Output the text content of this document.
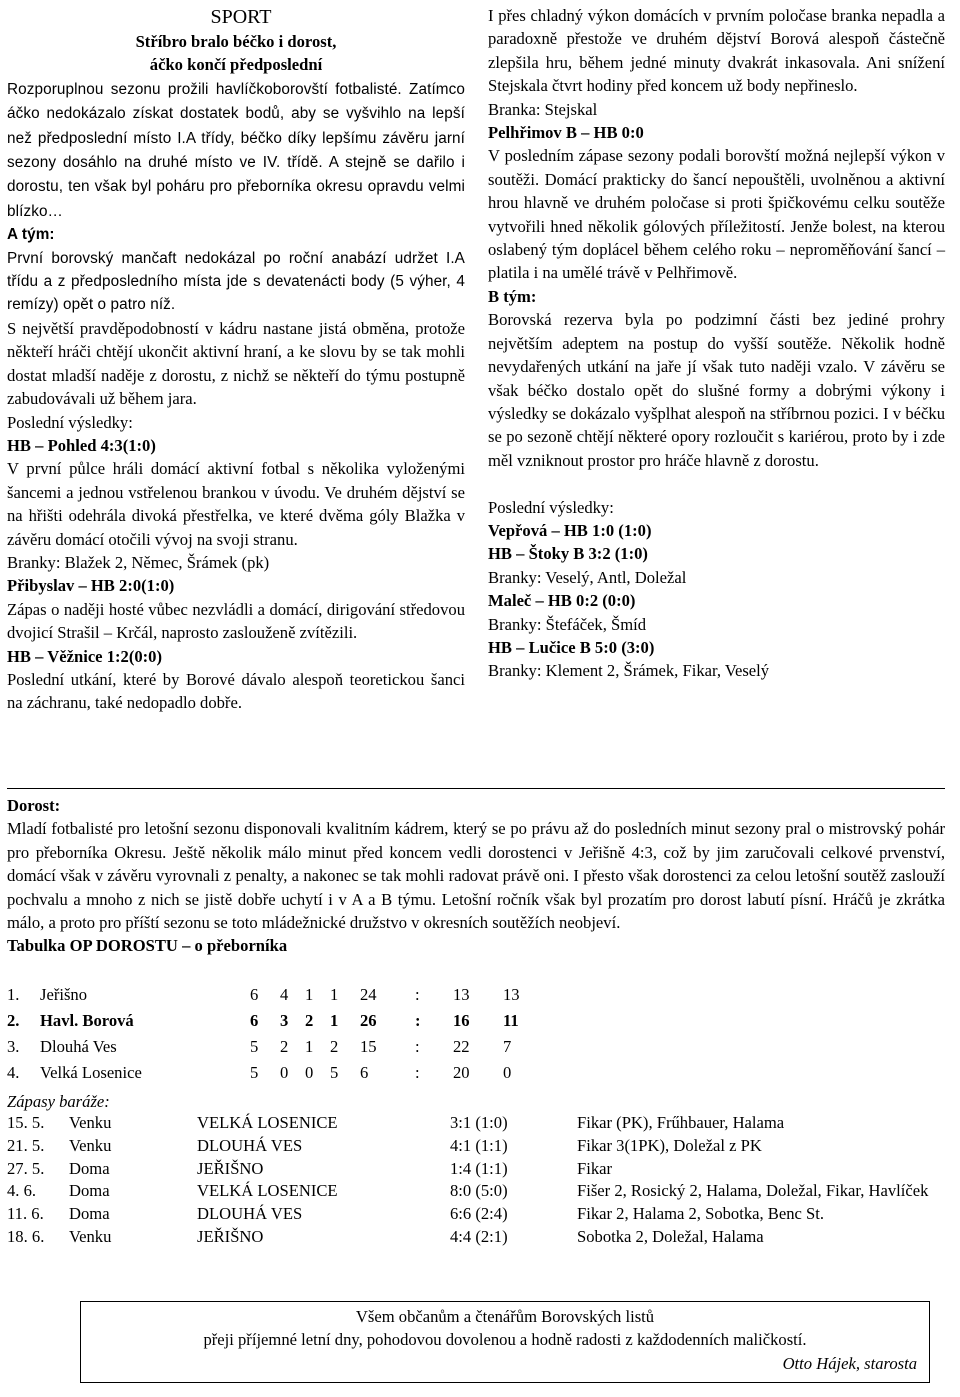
SPORT
Stříbro bralo béčko i dorost,
áčko končí předposlední

Rozporuplnou sezonu prožili havlíčkoborovští fotbalisté. Zatímco áčko nedokázalo získat dostatek bodů, aby se vyšvihlo na lepší než předposlední místo I.A třídy, béčko díky lepšímu závěru jarní sezony dosáhlo na druhé místo ve IV. třídě. A stejně se dařilo i dorostu, ten však byl poháru pro přeborníka okresu opravdu velmi blízko…

A tým:

První borovský mančaft nedokázal po roční anabází udržet I.A třídu a z předposledního místa jde s devatenácti body (5 výher, 4 remízy) opět o patro níž.

S největší pravděpodobností v kádru nastane jistá obměna, protože někteří hráči chtějí ukončit aktivní hraní, a ke slovu by se tak mohli dostat mladší naděje z dorostu, z nichž se někteří do týmu postupně zabudovávali už během jara.

Poslední výsledky:
HB – Pohled 4:3(1:0)

V první půlce hráli domácí aktivní fotbal s několika vyloženými šancemi a jednou vstřelenou brankou v úvodu. Ve druhém dějství se na hřišti odehrála divoká přestřelka, ve které dvěma góly Blažka v závěru domácí otočili vývoj na svoji stranu.

Branky: Blažek 2, Němec, Šrámek (pk)
Přibyslav – HB 2:0(1:0)

Zápas o naději hosté vůbec nezvládli a domácí, dirigování středovou dvojicí Strašil – Krčál, naprosto zaslouženě zvítězili.

HB – Věžnice 1:2(0:0)

Poslední utkání, které by Borové dávalo alespoň teoretickou šanci na záchranu, také nedopadlo dobře.

I přes chladný výkon domácích v prvním poločase branka nepadla a paradoxně přestože ve druhém dějství Borová alespoň částečně zlepšila hru, během jedné minuty dvakrát inkasovala. Ani snížení Stejskala čtvrt hodiny před koncem už body nepřineslo.

Branka: Stejskal
Pelhřimov B – HB 0:0

V posledním zápase sezony podali borovští možná nejlepší výkon v soutěži. Domácí prakticky do šancí nepouštěli, uvolněnou a aktivní hrou hlavně ve druhém poločase si proti špičkovému celku soutěže vytvořili hned několik gólových příležitostí. Jenže bolest, na kterou oslabený tým doplácel během celého roku – neproměňování šancí – platila i na umělé trávě v Pelhřimově.

B tým:

Borovská rezerva byla po podzimní části bez jediné prohry největším adeptem na postup do vyšší soutěže. Několik hodně nevydařených utkání na jaře jí však tuto naději vzalo. V závěru se však béčko dostalo opět do slušné formy a dobrými výkony i výsledky se dokázalo vyšplhat alespoň na stříbrnou pozici. I v béčku se po sezoně chtějí některé opory rozloučit s kariérou, proto by i zde měl vzniknout prostor pro hráče hlavně z dorostu.

Poslední výsledky:
Vepřová – HB 1:0 (1:0)
HB – Štoky B 3:2 (1:0)
Branky: Veselý, Antl, Doležal
Maleč – HB 0:2 (0:0)
Branky: Štefáček, Šmíd
HB – Lučice B 5:0 (3:0)
Branky: Klement 2, Šrámek, Fikar, Veselý
Dorost:

Mladí fotbalisté pro letošní sezonu disponovali kvalitním kádrem, který se po právu až do posledních minut sezony pral o mistrovský pohár pro přeborníka Okresu. Ještě několik málo minut před koncem vedli dorostenci v Jeřišně 4:3, což by jim zaručovali celkové prvenství, domácí však v závěru vyrovnali z penalty, a nakonec se tak mohli radovat právě oni. I přesto však dorostenci za celou letošní soutěž zaslouží pochvalu a mnoho z nich se jistě dobře uchytí i v A a B týmu. Letošní ročník však byl prozatím pro dorost labutí písní. Hráčů je zkrátka málo, a proto pro příští sezonu se toto mládežnické družstvo v okresních soutěžích neobjeví.

Tabulka OP DOROSTU – o přeborníka
1.	Jeřišno	6	4	1	1	24	:	13	13
2.	Havl. Borová	6	3	2	1	26	:	16	11
3.	Dlouhá Ves	5	2	1	2	15	:	22	7
4.	Velká Losenice	5	0	0	5	6	:	20	0
Zápasy baráže:
15. 5.	Venku	VELKÁ LOSENICE	3:1 (1:0)	Fikar (PK), Frűhbauer, Halama
21. 5.	Venku	DLOUHÁ VES	4:1 (1:1)	Fikar 3(1PK), Doležal z PK
27. 5.	Doma	JEŘIŠNO	1:4 (1:1)	Fikar
4. 6.	Doma	VELKÁ LOSENICE	8:0 (5:0)	Fišer 2, Rosický 2, Halama, Doležal, Fikar, Havlíček
11. 6.	Doma	DLOUHÁ VES	6:6 (2:4)	Fikar 2, Halama 2, Sobotka, Benc St.
18. 6.	Venku	JEŘIŠNO	4:4 (2:1)	Sobotka 2, Doležal, Halama
Všem občanům a čtenářům Borovských listů
přeji příjemné letní dny, pohodovou dovolenou a hodně radosti z každodenních maličkostí.
Otto Hájek, starosta
